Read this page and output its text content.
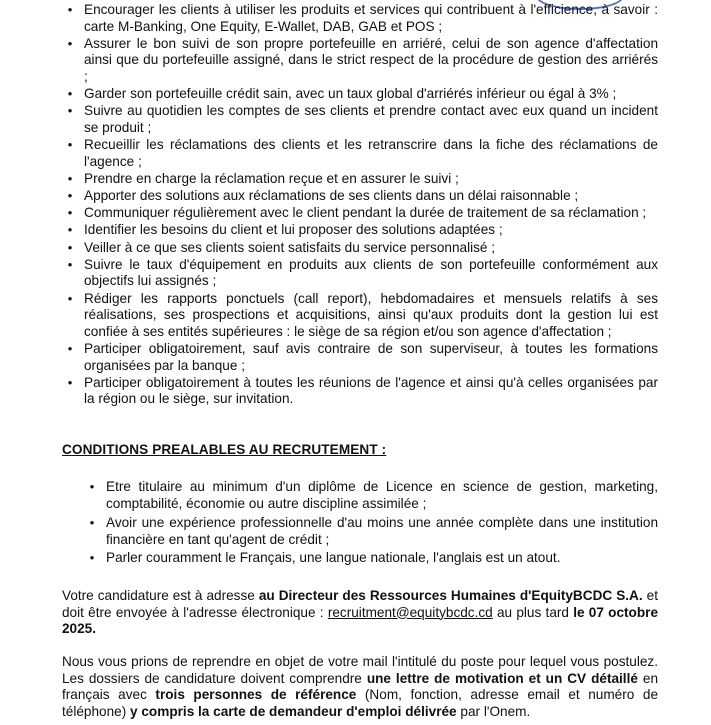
• Encourager les clients à utiliser les produits et services qui contribuent à l'efficience, à savoir : carte M-Banking, One Equity, E-Wallet, DAB, GAB et POS ;
• Assurer le bon suivi de son propre portefeuille en arriéré, celui de son agence d'affectation ainsi que du portefeuille assigné, dans le strict respect de la procédure de gestion des arriérés ;
• Garder son portefeuille crédit sain, avec un taux global d'arriérés inférieur ou égal à 3% ;
• Suivre au quotidien les comptes de ses clients et prendre contact avec eux quand un incident se produit ;
• Recueillir les réclamations des clients et les retranscrire dans la fiche des réclamations de l'agence ;
• Prendre en charge la réclamation reçue et en assurer le suivi ;
• Apporter des solutions aux réclamations de ses clients dans un délai raisonnable ;
• Communiquer régulièrement avec le client pendant la durée de traitement de sa réclamation ;
• Identifier les besoins du client et lui proposer des solutions adaptées ;
• Veiller à ce que ses clients soient satisfaits du service personnalisé ;
• Suivre le taux d'équipement en produits aux clients de son portefeuille conformément aux objectifs lui assignés ;
• Rédiger les rapports ponctuels (call report), hebdomadaires et mensuels relatifs à ses réalisations, ses prospections et acquisitions, ainsi qu'aux produits dont la gestion lui est confiée à ses entités supérieures : le siège de sa région et/ou son agence d'affectation ;
• Participer obligatoirement, sauf avis contraire de son superviseur, à toutes les formations organisées par la banque ;
• Participer obligatoirement à toutes les réunions de l'agence et ainsi qu'à celles organisées par la région ou le siège, sur invitation.
CONDITIONS PREALABLES AU RECRUTEMENT :
• Etre titulaire au minimum d'un diplôme de Licence en science de gestion, marketing, comptabilité, économie ou autre discipline assimilée ;
• Avoir une expérience professionnelle d'au moins une année complète dans une institution financière en tant qu'agent de crédit ;
• Parler couramment le Français, une langue nationale, l'anglais est un atout.

Votre candidature est à adresse au Directeur des Ressources Humaines d'EquityBCDC S.A. et doit être envoyée à l'adresse électronique : recruitment@equitybcdc.cd au plus tard le 07 octobre 2025.

Nous vous prions de reprendre en objet de votre mail l'intitulé du poste pour lequel vous postulez. Les dossiers de candidature doivent comprendre une lettre de motivation et un CV détaillé en français avec trois personnes de référence (Nom, fonction, adresse email et numéro de téléphone) y compris la carte de demandeur d'emploi délivrée par l'Onem.
